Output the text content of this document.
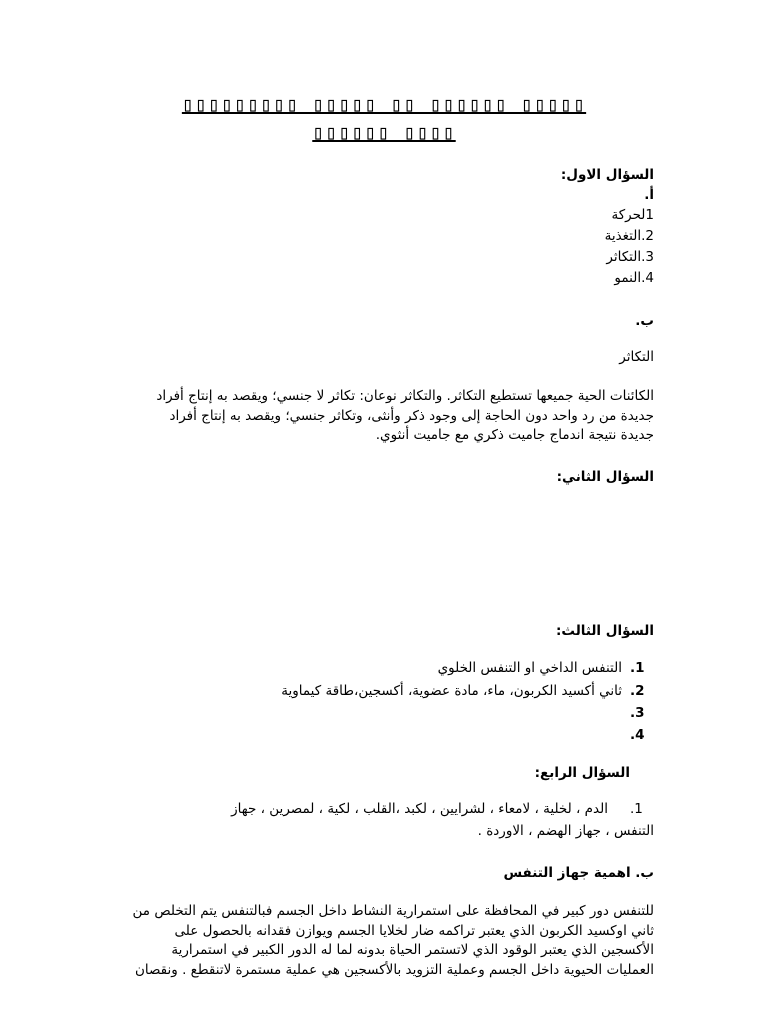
▯▯▯▯▯▯▯▯▯ ▯▯▯▯▯ ▯▯ ▯▯▯▯▯▯ ▯▯▯▯▯
▯▯▯▯▯▯ ▯▯▯▯
السؤال الاول:
أ.
1لحركة
2.التغذية
3.التكاثر
4.النمو
ب.
التكاثر
الكائنات الحية جميعها تستطيع التكاثر. والتكاثر نوعان: تكاثر لا جنسي؛ ويقصد به إنتاج أفراد
جديدة من رد واحد دون الحاجة إلى وجود ذكر وأنثى، وتكاثر جنسي؛ ويقصد به إنتاج أفراد
جديدة نتيجة اندماج جاميت ذكري مع جاميت أنثوي.
السؤال الثاني:
السؤال الثالث:
1.التنفس الداخي او التنفس الخلوي
2.ثاني أكسيد الكربون، ماء، مادة عضوية، أكسجين،طاقة كيماوية
3.
4.
السؤال الرابع:
1.الدم ، لخلية ، لامعاء ، لشرايين ، لكبد ،القلب ، لكية ، لمصرين ، جهاز
التنفس ، جهاز الهضم ، الاوردة .
ب. اهمية جهاز التنفس
للتنفس دور كبير في المحافظة على استمرارية النشاط داخل الجسم فبالتنفس يتم التخلص من
ثاني اوكسيد الكربون الذي يعتبر تراكمه ضار لخلايا الجسم ويوازن فقدانه بالحصول على
الأكسجين الذي يعتبر الوقود الذي لاتستمر الحياة بدونه لما له الدور الكبير في استمرارية
العمليات الحيوية داخل الجسم وعملية التزويد بالأكسجين هي عملية مستمرة لاتنقطع . ونقصان
